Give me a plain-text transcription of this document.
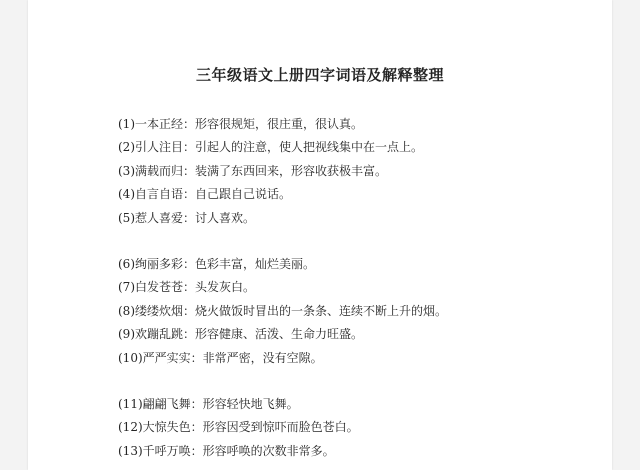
三年级语文上册四字词语及解释整理
(1)一本正经：形容很规矩，很庄重，很认真。
(2)引人注目：引起人的注意，使人把视线集中在一点上。
(3)满载而归：装满了东西回来，形容收获极丰富。
(4)自言自语：自己跟自己说话。
(5)惹人喜爱：讨人喜欢。
(6)绚丽多彩：色彩丰富，灿烂美丽。
(7)白发苍苍：头发灰白。
(8)缕缕炊烟：烧火做饭时冒出的一条条、连续不断上升的烟。
(9)欢蹦乱跳：形容健康、活泼、生命力旺盛。
(10)严严实实：非常严密，没有空隙。
(11)翩翩飞舞：形容轻快地飞舞。
(12)大惊失色：形容因受到惊吓而脸色苍白。
(13)千呼万唤：形容呼唤的次数非常多。
